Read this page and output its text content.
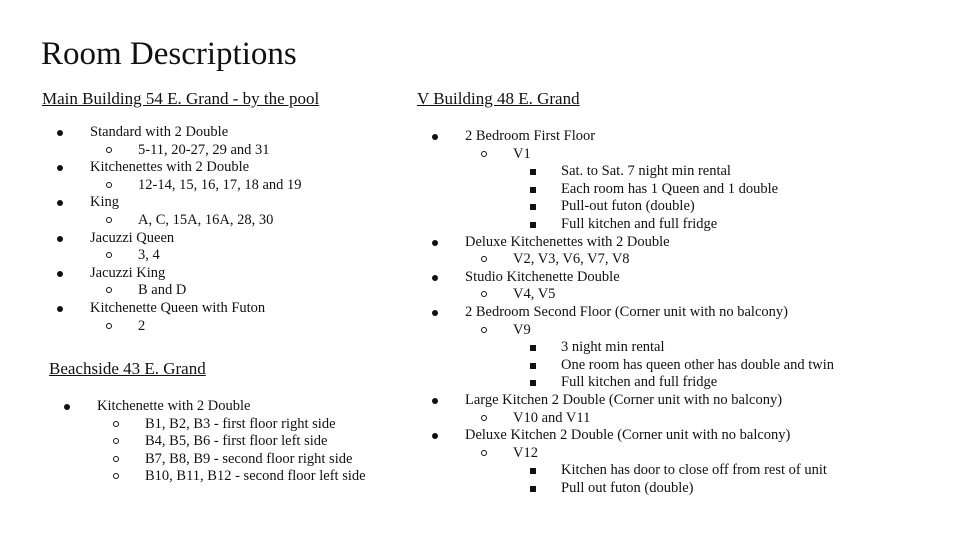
Room Descriptions
Main Building 54 E. Grand - by the pool
Standard with 2 Double
5-11, 20-27, 29 and 31
Kitchenettes with 2 Double
12-14, 15, 16, 17, 18 and 19
King
A, C, 15A, 16A, 28, 30
Jacuzzi Queen
3, 4
Jacuzzi King
B and D
Kitchenette Queen with Futon
2
Beachside 43 E. Grand
Kitchenette with 2 Double
B1, B2, B3 - first floor right side
B4, B5, B6 - first floor left side
B7, B8, B9 - second floor right side
B10, B11, B12 - second floor left side
V Building 48 E. Grand
2 Bedroom First Floor
V1
Sat. to Sat. 7 night min rental
Each room has 1 Queen and 1 double
Pull-out futon (double)
Full kitchen and full fridge
Deluxe Kitchenettes with 2 Double
V2, V3, V6, V7, V8
Studio Kitchenette Double
V4, V5
2 Bedroom Second Floor (Corner unit with no balcony)
V9
3 night min rental
One room has queen other has double and twin
Full kitchen and full fridge
Large Kitchen 2 Double (Corner unit with no balcony)
V10 and V11
Deluxe Kitchen 2 Double (Corner unit with no balcony)
V12
Kitchen has door to close off from rest of unit
Pull out futon (double)
